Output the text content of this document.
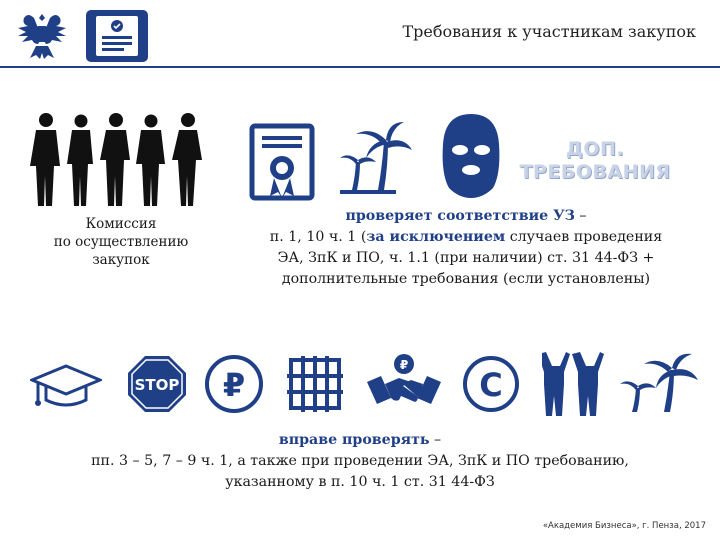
Требования к участникам закупок
Комиссия
по осуществлению
закупок
ДОП.
ТРЕБОВАНИЯ
проверяет соответствие УЗ –
п. 1, 10 ч. 1 (за исключением случаев проведения
ЭА, ЗпК и ПО, ч. 1.1 (при наличии) ст. 31 44-ФЗ +
дополнительные требования (если установлены)
STOP ₽
₽
C
вправе проверять –
пп. 3 – 5, 7 – 9 ч. 1, а также при проведении ЭА, ЗпК и ПО требованию,
указанному в п. 10 ч. 1 ст. 31 44-ФЗ
«Академия Бизнеса», г. Пенза, 2017
